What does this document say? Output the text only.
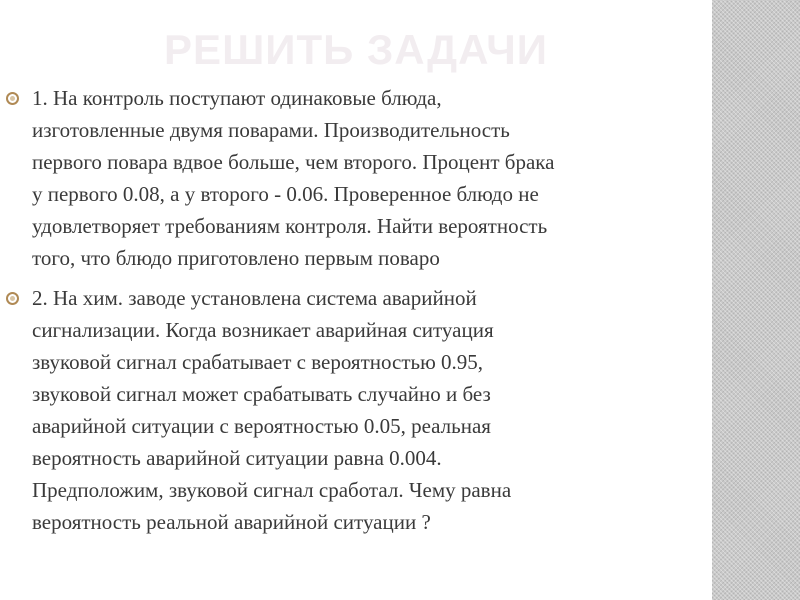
РЕШИТЬ ЗАДАЧИ
1. На контроль поступают одинаковые блюда,
изготовленные двумя поварами. Производительность
первого повара вдвое больше, чем второго. Процент брака
у первого 0.08, а у второго - 0.06. Проверенное блюдо не
удовлетворяет требованиям контроля. Найти вероятность
того, что блюдо приготовлено первым поваро
2. На хим. заводе установлена система аварийной
сигнализации. Когда возникает аварийная ситуация
звуковой сигнал срабатывает с вероятностью 0.95,
звуковой сигнал может срабатывать случайно и без
аварийной ситуации с вероятностью 0.05, реальная
вероятность аварийной ситуации равна 0.004.
Предположим, звуковой сигнал сработал. Чему равна
вероятность реальной аварийной ситуации ?
